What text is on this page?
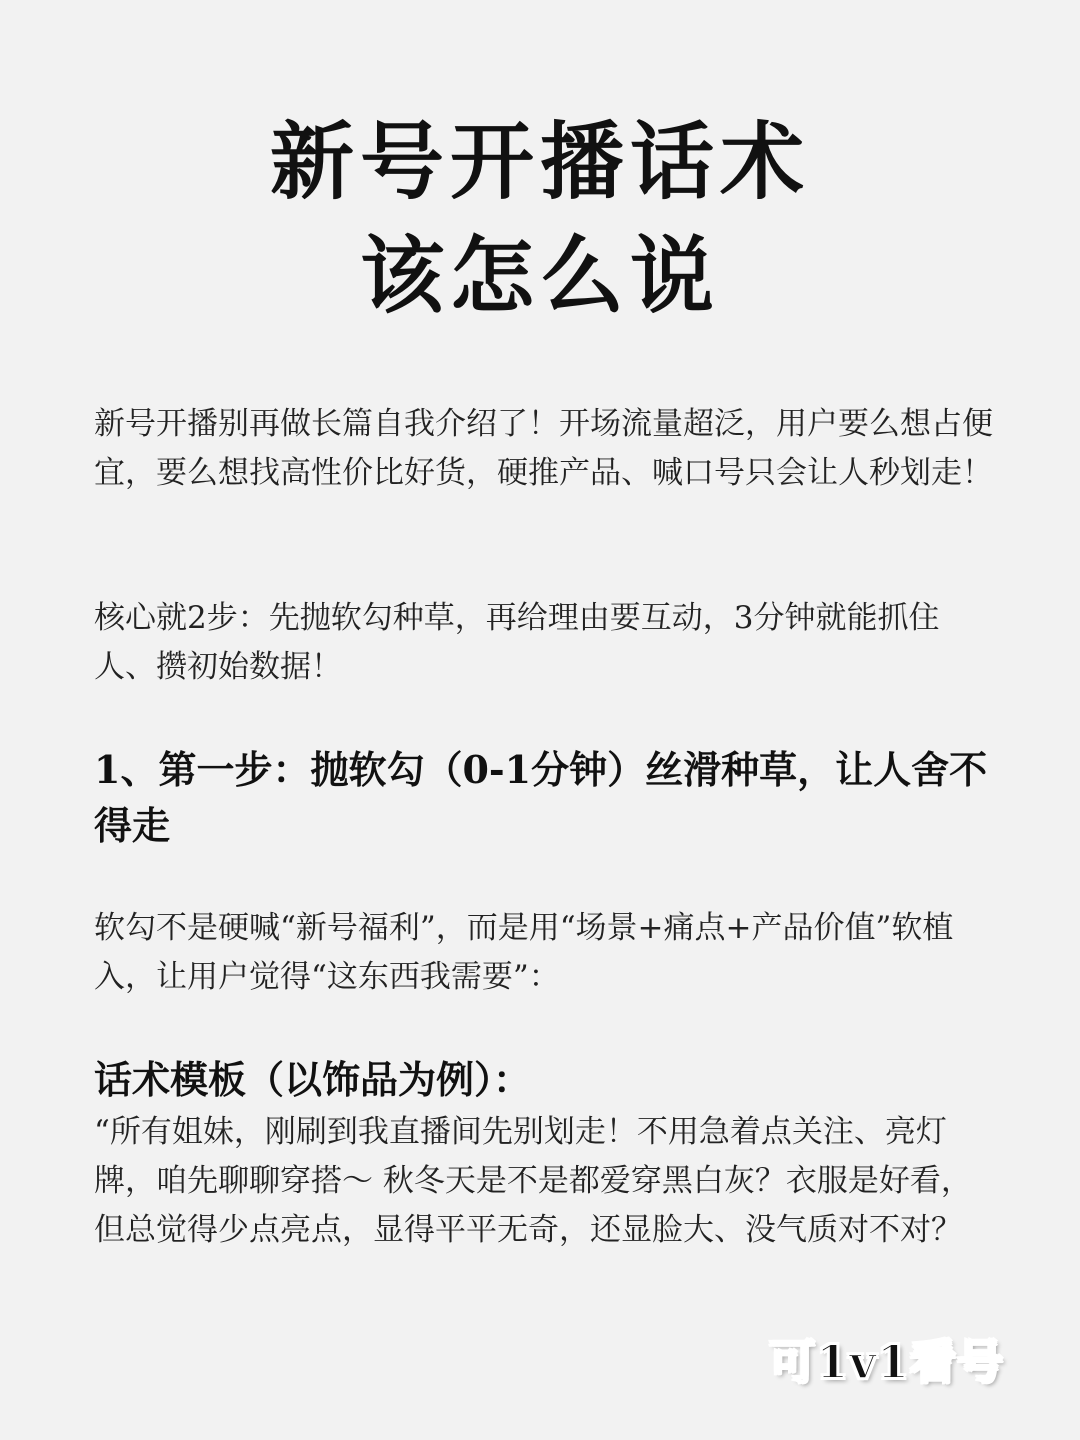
新号开播话术
该怎么说

新号开播别再做长篇自我介绍了！开场流量超泛，用户要么想占便宜，要么想找高性价比好货，硬推产品、喊口号只会让人秒划走！

核心就2步：先抛软勾种草，再给理由要互动，3分钟就能抓住人、攒初始数据！

1、第一步：抛软勾（0-1分钟）丝滑种草，让人舍不得走

软勾不是硬喊“新号福利”，而是用“场景+痛点+产品价值”软植入，让用户觉得“这东西我需要”：

话术模板（以饰品为例）：

“所有姐妹，刚刷到我直播间先别划走！不用急着点关注、亮灯牌，咱先聊聊穿搭～ 秋冬天是不是都爱穿黑白灰？衣服是好看，但总觉得少点亮点，显得平平无奇，还显脸大、没气质对不对？

可1v1看号
